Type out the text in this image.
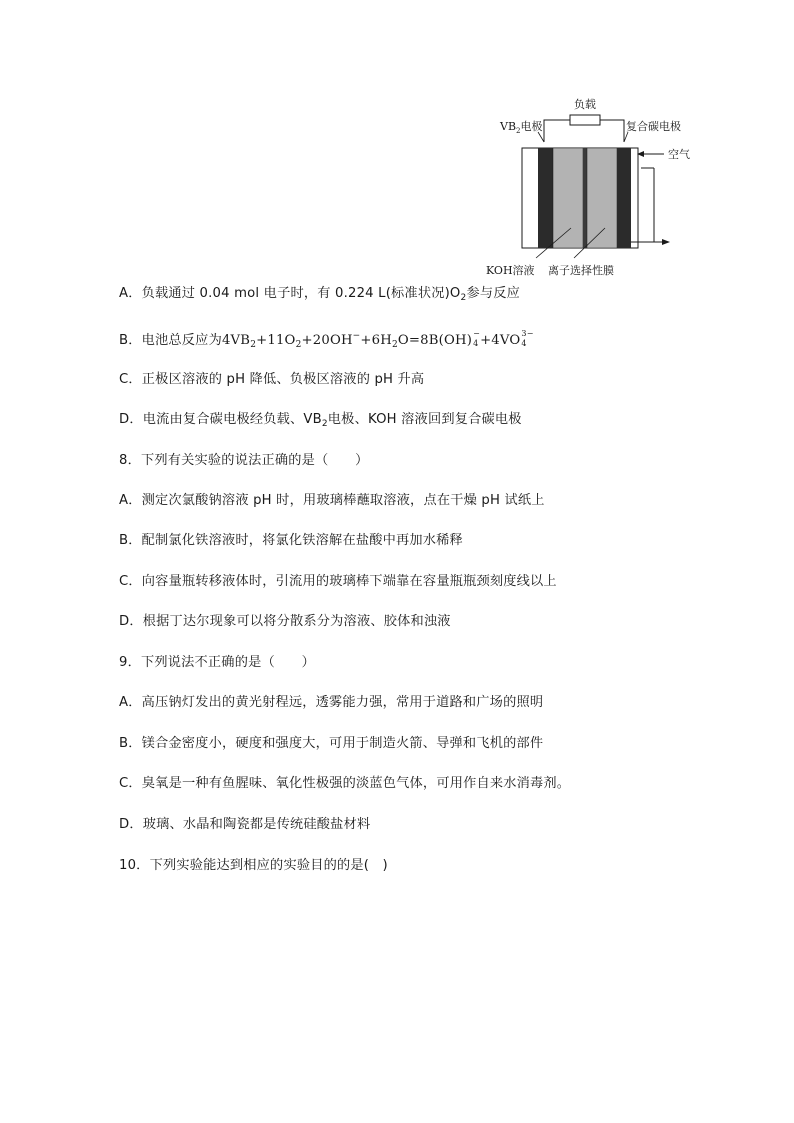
负载
$VB_2$电极	复合碳电极
空气
KOH溶液 离子选择性膜
A．负载通过 0.04 mol 电子时，有 0.224 L(标准状况)$O_2$参与反应
B．电池总反应为$4VB_2+11O_2+20OH^-+6H_2O=8B(OH)$ −
4 +4VO 3−
4
C．正极区溶液的 pH 降低、负极区溶液的 pH 升高
D．电流由复合碳电极经负载、$VB_2$电极、KOH 溶液回到复合碳电极
8．下列有关实验的说法正确的是（　　）
A．测定次氯酸钠溶液 pH 时，用玻璃棒蘸取溶液，点在干燥 pH 试纸上
B．配制氯化铁溶液时，将氯化铁溶解在盐酸中再加水稀释
C．向容量瓶转移液体时，引流用的玻璃棒下端靠在容量瓶瓶颈刻度线以上
D．根据丁达尔现象可以将分散系分为溶液、胶体和浊液
9．下列说法不正确的是（　　）
A．高压钠灯发出的黄光射程远，透雾能力强，常用于道路和广场的照明
B．镁合金密度小，硬度和强度大，可用于制造火箭、导弹和飞机的部件
C．臭氧是一种有鱼腥味、氧化性极强的淡蓝色气体，可用作自来水消毒剂。
D．玻璃、水晶和陶瓷都是传统硅酸盐材料
10．下列实验能达到相应的实验目的的是(　)
